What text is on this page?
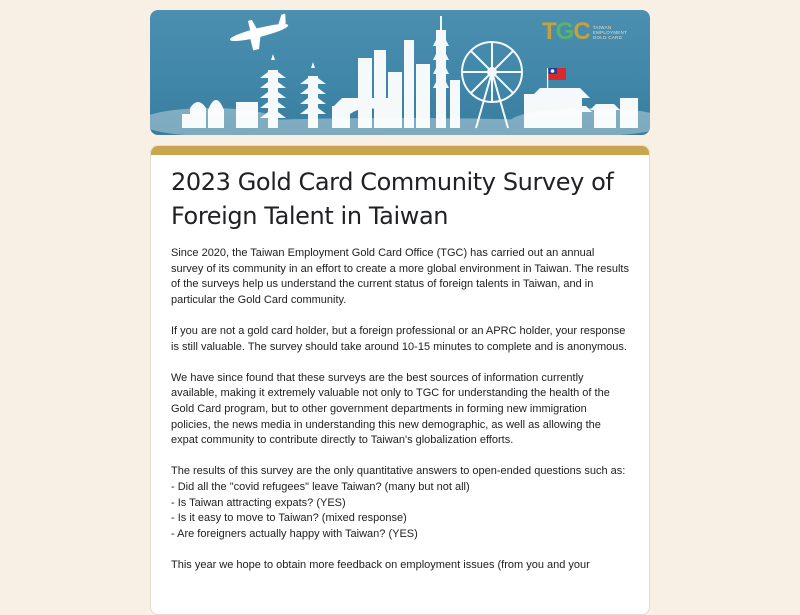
TGC TAIWAN
EMPLOYMENT
GOLD CARD
2023 Gold Card Community Survey of Foreign Talent in Taiwan

Since 2020, the Taiwan Employment Gold Card Office (TGC) has carried out an annual survey of its community in an effort to create a more global environment in Taiwan. The results of the surveys help us understand the current status of foreign talents in Taiwan, and in particular the Gold Card community.

If you are not a gold card holder, but a foreign professional or an APRC holder, your response is still valuable. The survey should take around 10-15 minutes to complete and is anonymous.

We have since found that these surveys are the best sources of information currently available, making it extremely valuable not only to TGC for understanding the health of the Gold Card program, but to other government departments in forming new immigration policies, the news media in understanding this new demographic, as well as allowing the expat community to contribute directly to Taiwan's globalization efforts.

The results of this survey are the only quantitative answers to open-ended questions such as:
- Did all the "covid refugees" leave Taiwan? (many but not all)
- Is Taiwan attracting expats? (YES)
- Is it easy to move to Taiwan? (mixed response)
- Are foreigners actually happy with Taiwan? (YES)

This year we hope to obtain more feedback on employment issues (from you and your
